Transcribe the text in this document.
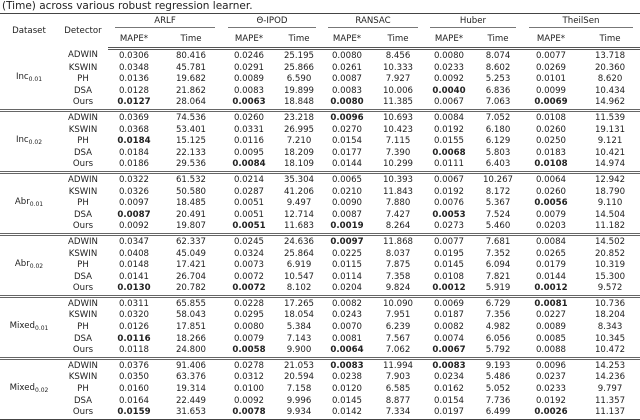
(Time) across various robust regression learner.
Dataset	Detector	ARLF		Θ-IPOD		RANSAC		Huber		TheilSen	
		MAPE*	Time	MAPE*	Time	MAPE*	Time	MAPE*	Time	MAPE*	Time
Inc$_{0.01}$	ADWIN	0.0306	80.416	0.0246	25.195	0.0080	8.456	0.0080	8.074	0.0077	13.718
	KSWIN	0.0348	45.781	0.0291	25.866	0.0261	10.333	0.0233	8.602	0.0269	20.360
	PH	0.0136	19.682	0.0089	6.590	0.0087	7.927	0.0092	5.253	0.0101	8.620
	DSA	0.0128	21.862	0.0083	19.899	0.0083	10.006	0.0040	6.836	0.0099	10.434
	Ours	0.0127	28.064	0.0063	18.848	0.0080	11.385	0.0067	7.063	0.0069	14.962
Inc$_{0.02}$	ADWIN	0.0369	74.536	0.0260	23.218	0.0096	10.693	0.0084	7.052	0.0108	11.539
	KSWIN	0.0368	53.401	0.0331	26.995	0.0270	10.423	0.0192	6.180	0.0260	19.131
	PH	0.0184	15.125	0.0116	7.210	0.0154	7.115	0.0155	6.129	0.0250	9.121
	DSA	0.0184	22.133	0.0095	18.209	0.0177	7.390	0.0068	5.803	0.0183	10.421
	Ours	0.0186	29.536	0.0084	18.109	0.0144	10.299	0.0111	6.403	0.0108	14.974
Abr$_{0.01}$	ADWIN	0.0322	61.532	0.0214	35.304	0.0065	10.393	0.0067	10.267	0.0064	12.942
	KSWIN	0.0326	50.580	0.0287	41.206	0.0210	11.843	0.0192	8.172	0.0260	18.790
	PH	0.0097	18.485	0.0051	9.497	0.0090	7.880	0.0076	5.367	0.0056	9.110
	DSA	0.0087	20.491	0.0051	12.714	0.0087	7.427	0.0053	7.524	0.0079	14.504
	Ours	0.0092	19.807	0.0051	11.683	0.0019	8.264	0.0273	5.460	0.0203	11.182
Abr$_{0.02}$	ADWIN	0.0347	62.337	0.0245	24.636	0.0097	11.868	0.0077	7.681	0.0084	14.502
	KSWIN	0.0408	45.049	0.0324	25.864	0.0225	8.037	0.0195	7.352	0.0265	20.852
	PH	0.0148	17.421	0.0073	6.919	0.0115	7.875	0.0145	6.094	0.0179	10.319
	DSA	0.0141	26.704	0.0072	10.547	0.0114	7.358	0.0108	7.821	0.0144	15.300
	Ours	0.0130	20.782	0.0072	8.102	0.0204	9.824	0.0012	5.919	0.0012	9.572
Mixed$_{0.01}$	ADWIN	0.0311	65.855	0.0228	17.265	0.0082	10.090	0.0069	6.729	0.0081	10.736
	KSWIN	0.0320	58.043	0.0295	18.054	0.0243	7.951	0.0187	7.356	0.0227	18.204
	PH	0.0126	17.851	0.0080	5.384	0.0070	6.239	0.0082	4.982	0.0089	8.343
	DSA	0.0116	18.266	0.0079	7.143	0.0081	7.567	0.0074	6.056	0.0085	10.345
	Ours	0.0118	24.800	0.0058	9.900	0.0064	7.062	0.0067	5.792	0.0088	10.472
Mixed$_{0.02}$	ADWIN	0.0376	91.406	0.0278	21.053	0.0083	11.994	0.0083	9.193	0.0096	14.253
	KSWIN	0.0350	63.376	0.0312	20.594	0.0238	7.903	0.0234	5.486	0.0237	14.236
	PH	0.0160	19.314	0.0100	7.158	0.0120	6.585	0.0162	5.052	0.0233	9.797
	DSA	0.0164	22.449	0.0092	9.996	0.0145	8.877	0.0154	7.736	0.0192	11.357
	Ours	0.0159	31.653	0.0078	9.934	0.0142	7.334	0.0197	6.499	0.0026	11.137
